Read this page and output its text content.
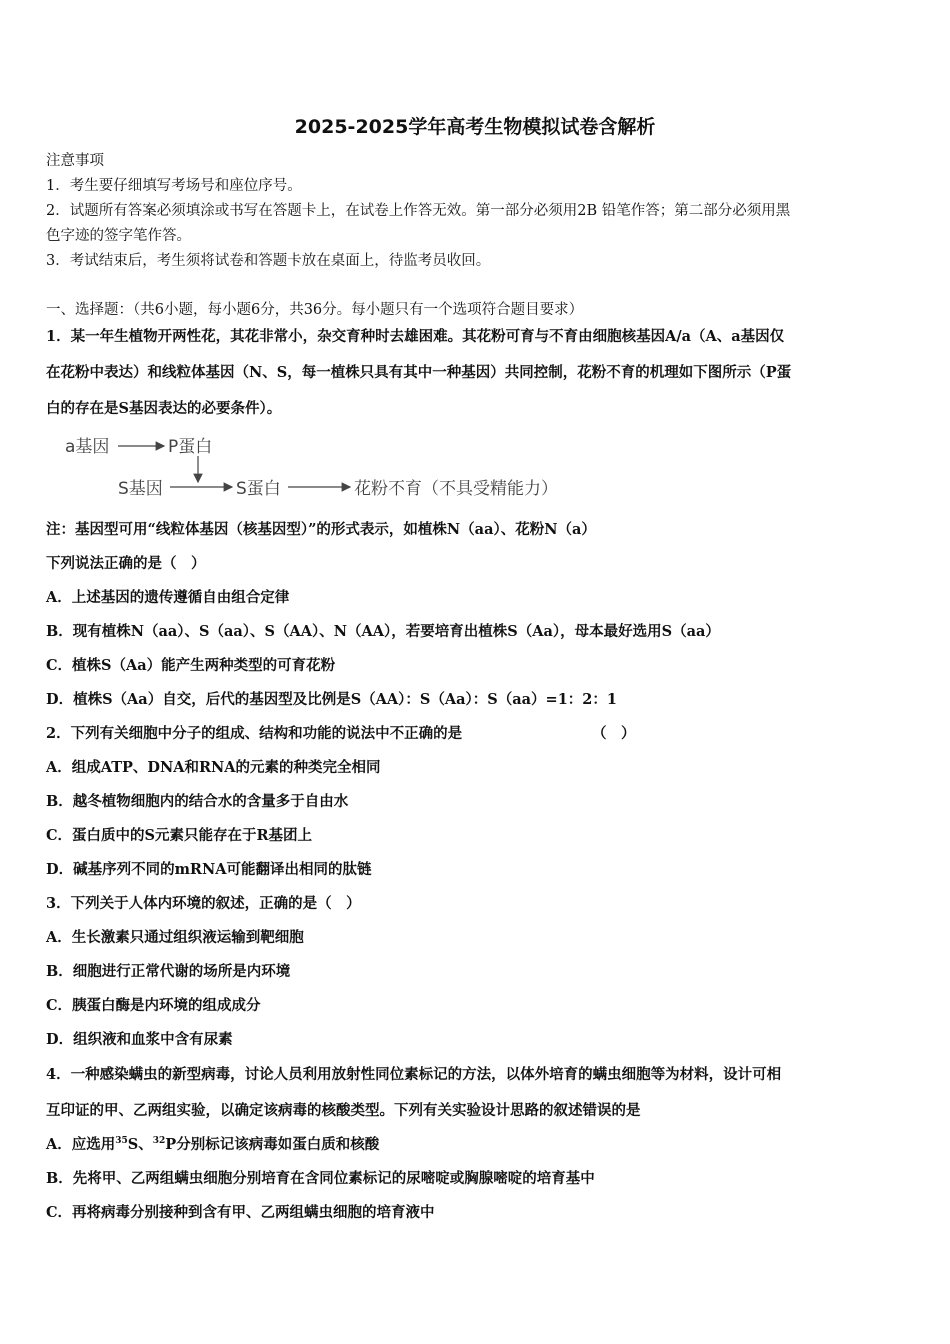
2025-2025学年高考生物模拟试卷含解析
注意事项
1．考生要仔细填写考场号和座位序号。
2．试题所有答案必须填涂或书写在答题卡上，在试卷上作答无效。第一部分必须用2B 铅笔作答；第二部分必须用黑
色字迹的签字笔作答。
3．考试结束后，考生须将试卷和答题卡放在桌面上，待监考员收回。
一、选择题：（共6小题，每小题6分，共36分。每小题只有一个选项符合题目要求）
1．某一年生植物开两性花，其花非常小，杂交育种时去雄困难。其花粉可育与不育由细胞核基因A/a（A、a基因仅
在花粉中表达）和线粒体基因（N、S，每一植株只具有其中一种基因）共同控制，花粉不育的机理如下图所示（P蛋
白的存在是S基因表达的必要条件）。
a基因	P蛋白
S基因	S蛋白	花粉不育（不具受精能力）
注：基因型可用“线粒体基因（核基因型）”的形式表示，如植株N（aa）、花粉N（a）
下列说法正确的是（　）
A．上述基因的遗传遵循自由组合定律
B．现有植株N（aa）、S（aa）、S（AA）、N（AA），若要培育出植株S（Aa），母本最好选用S（aa）
C．植株S（Aa）能产生两种类型的可育花粉
D．植株S（Aa）自交，后代的基因型及比例是S（AA）：S（Aa）：S（aa）=1：2：1
2．下列有关细胞中分子的组成、结构和功能的说法中不正确的是	（　）
A．组成ATP、DNA和RNA的元素的种类完全相同
B．越冬植物细胞内的结合水的含量多于自由水
C．蛋白质中的S元素只能存在于R基团上
D．碱基序列不同的mRNA可能翻译出相同的肽链
3．下列关于人体内环境的叙述，正确的是（　）
A．生长激素只通过组织液运输到靶细胞
B．细胞进行正常代谢的场所是内环境
C．胰蛋白酶是内环境的组成成分
D．组织液和血浆中含有尿素
4．一种感染螨虫的新型病毒，讨论人员利用放射性同位素标记的方法，以体外培育的螨虫细胞等为材料，设计可相
互印证的甲、乙两组实验，以确定该病毒的核酸类型。下列有关实验设计思路的叙述错误的是
A．应选用$^{35}$S、$^{32}$P分别标记该病毒如蛋白质和核酸
B．先将甲、乙两组螨虫细胞分别培育在含同位素标记的尿嘧啶或胸腺嘧啶的培育基中
C．再将病毒分别接种到含有甲、乙两组螨虫细胞的培育液中
